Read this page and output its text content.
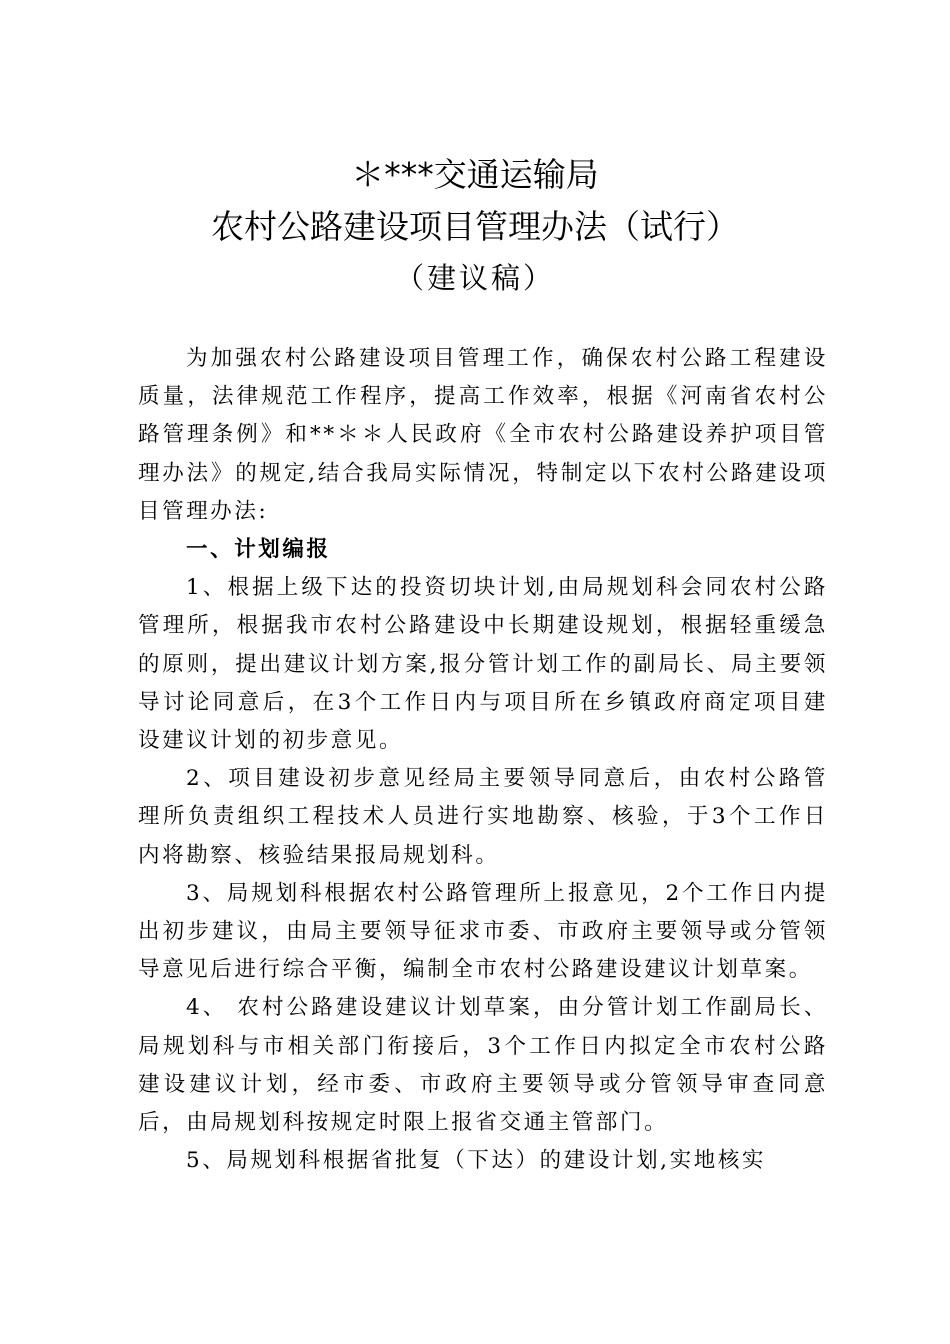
＊***交通运输局
农村公路建设项目管理办法（试行）
（建议稿）

为加强农村公路建设项目管理工作，确保农村公路工程建设质量，法律规范工作程序，提高工作效率，根据《河南省农村公路管理条例》和**＊＊人民政府《全市农村公路建设养护项目管理办法》的规定,结合我局实际情况，特制定以下农村公路建设项目管理办法:

一、计划编报

1、根据上级下达的投资切块计划,由局规划科会同农村公路管理所，根据我市农村公路建设中长期建设规划，根据轻重缓急的原则，提出建议计划方案,报分管计划工作的副局长、局主要领导讨论同意后，在3个工作日内与项目所在乡镇政府商定项目建设建议计划的初步意见。

2、项目建设初步意见经局主要领导同意后，由农村公路管理所负责组织工程技术人员进行实地勘察、核验，于3个工作日内将勘察、核验结果报局规划科。

3、局规划科根据农村公路管理所上报意见，2个工作日内提出初步建议，由局主要领导征求市委、市政府主要领导或分管领导意见后进行综合平衡，编制全市农村公路建设建议计划草案。

4、 农村公路建设建议计划草案，由分管计划工作副局长、局规划科与市相关部门衔接后，3个工作日内拟定全市农村公路建设建议计划，经市委、市政府主要领导或分管领导审查同意后，由局规划科按规定时限上报省交通主管部门。

5、局规划科根据省批复（下达）的建设计划,实地核实
